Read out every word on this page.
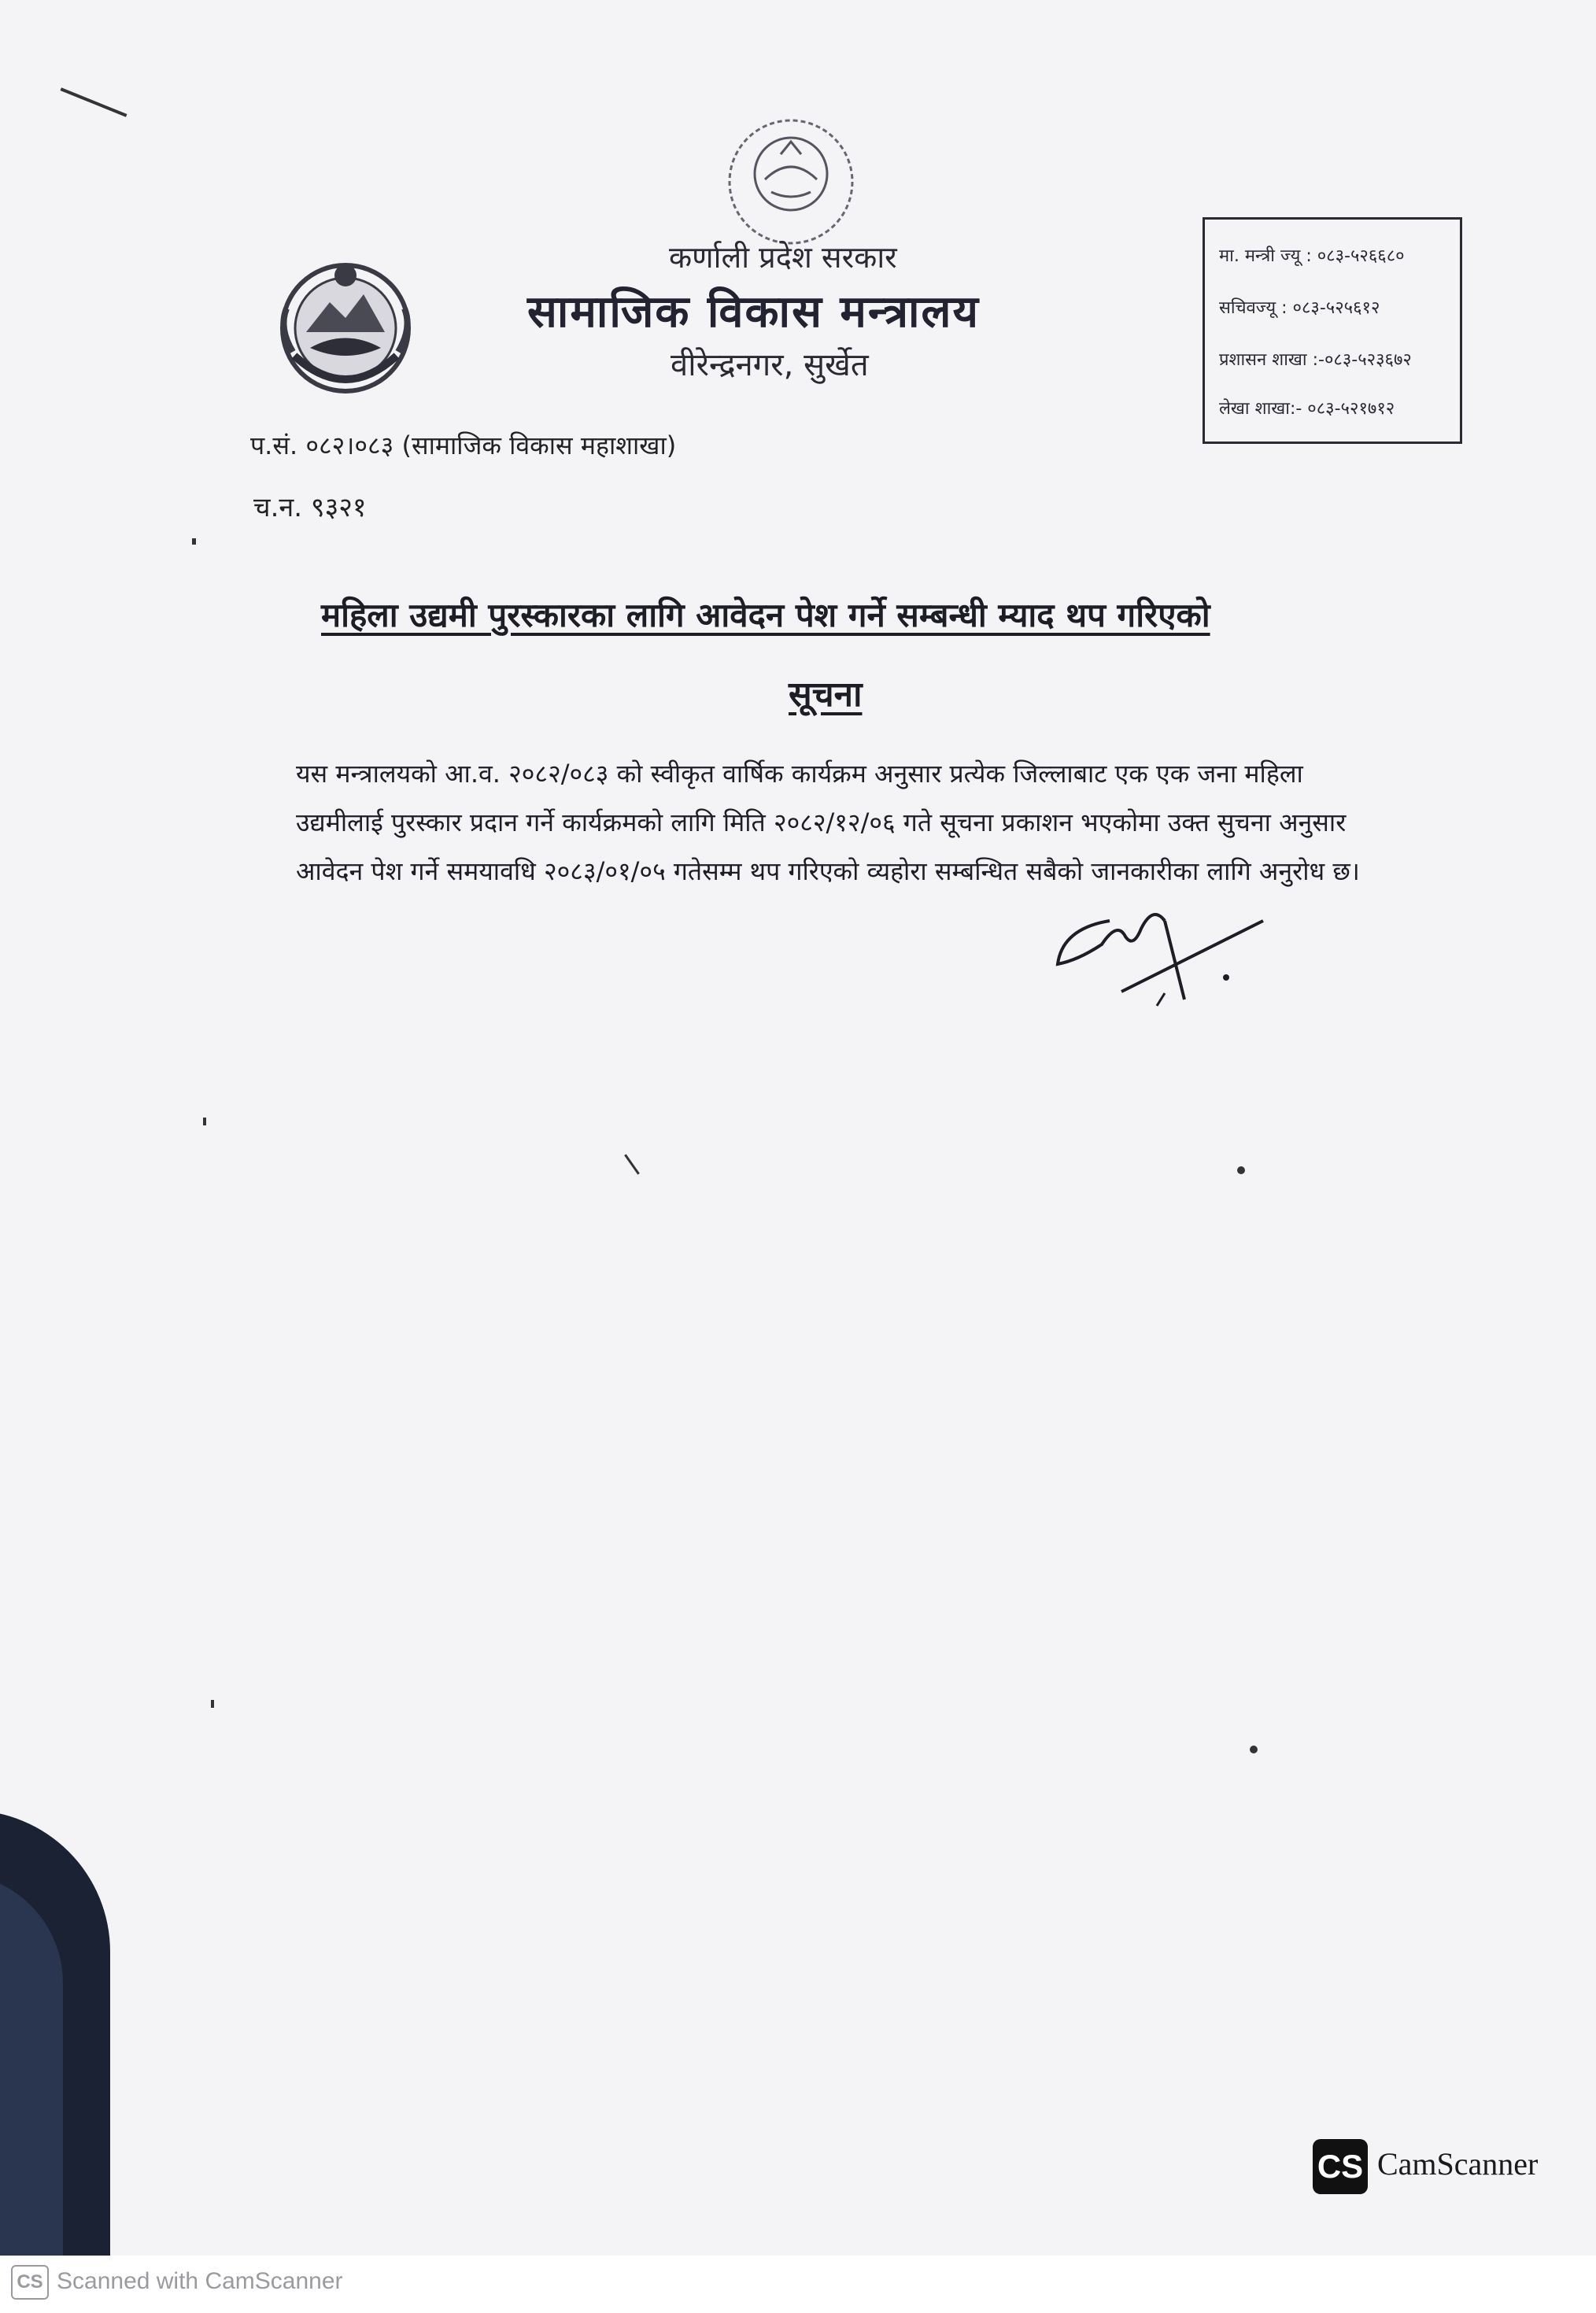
कर्णाली प्रदेश सरकार
सामाजिक विकास मन्त्रालय
वीरेन्द्रनगर, सुर्खेत
मा. मन्त्री ज्यू : ०८३-५२६६८०
सचिवज्यू : ०८३-५२५६१२
प्रशासन शाखा :-०८३-५२३६७२
लेखा शाखा:- ०८३-५२१७१२
प.सं. ०८२।०८३ (सामाजिक विकास महाशाखा)
च.न. ९३२१
महिला उद्यमी पुरस्कारका लागि आवेदन पेश गर्ने सम्बन्धी म्याद थप गरिएको
सूचना
यस मन्त्रालयको आ.व. २०८२/०८३ को स्वीकृत वार्षिक कार्यक्रम अनुसार प्रत्येक जिल्लाबाट एक एक जना महिला उद्यमीलाई पुरस्कार प्रदान गर्ने कार्यक्रमको लागि मिति २०८२/१२/०६ गते सूचना प्रकाशन भएकोमा उक्त सुचना अनुसार आवेदन पेश गर्ने समयावधि २०८३/०१/०५ गतेसम्म थप गरिएको व्यहोरा सम्बन्धित सबैको जानकारीका लागि अनुरोध छ।
CS CamScanner
CS Scanned with CamScanner
